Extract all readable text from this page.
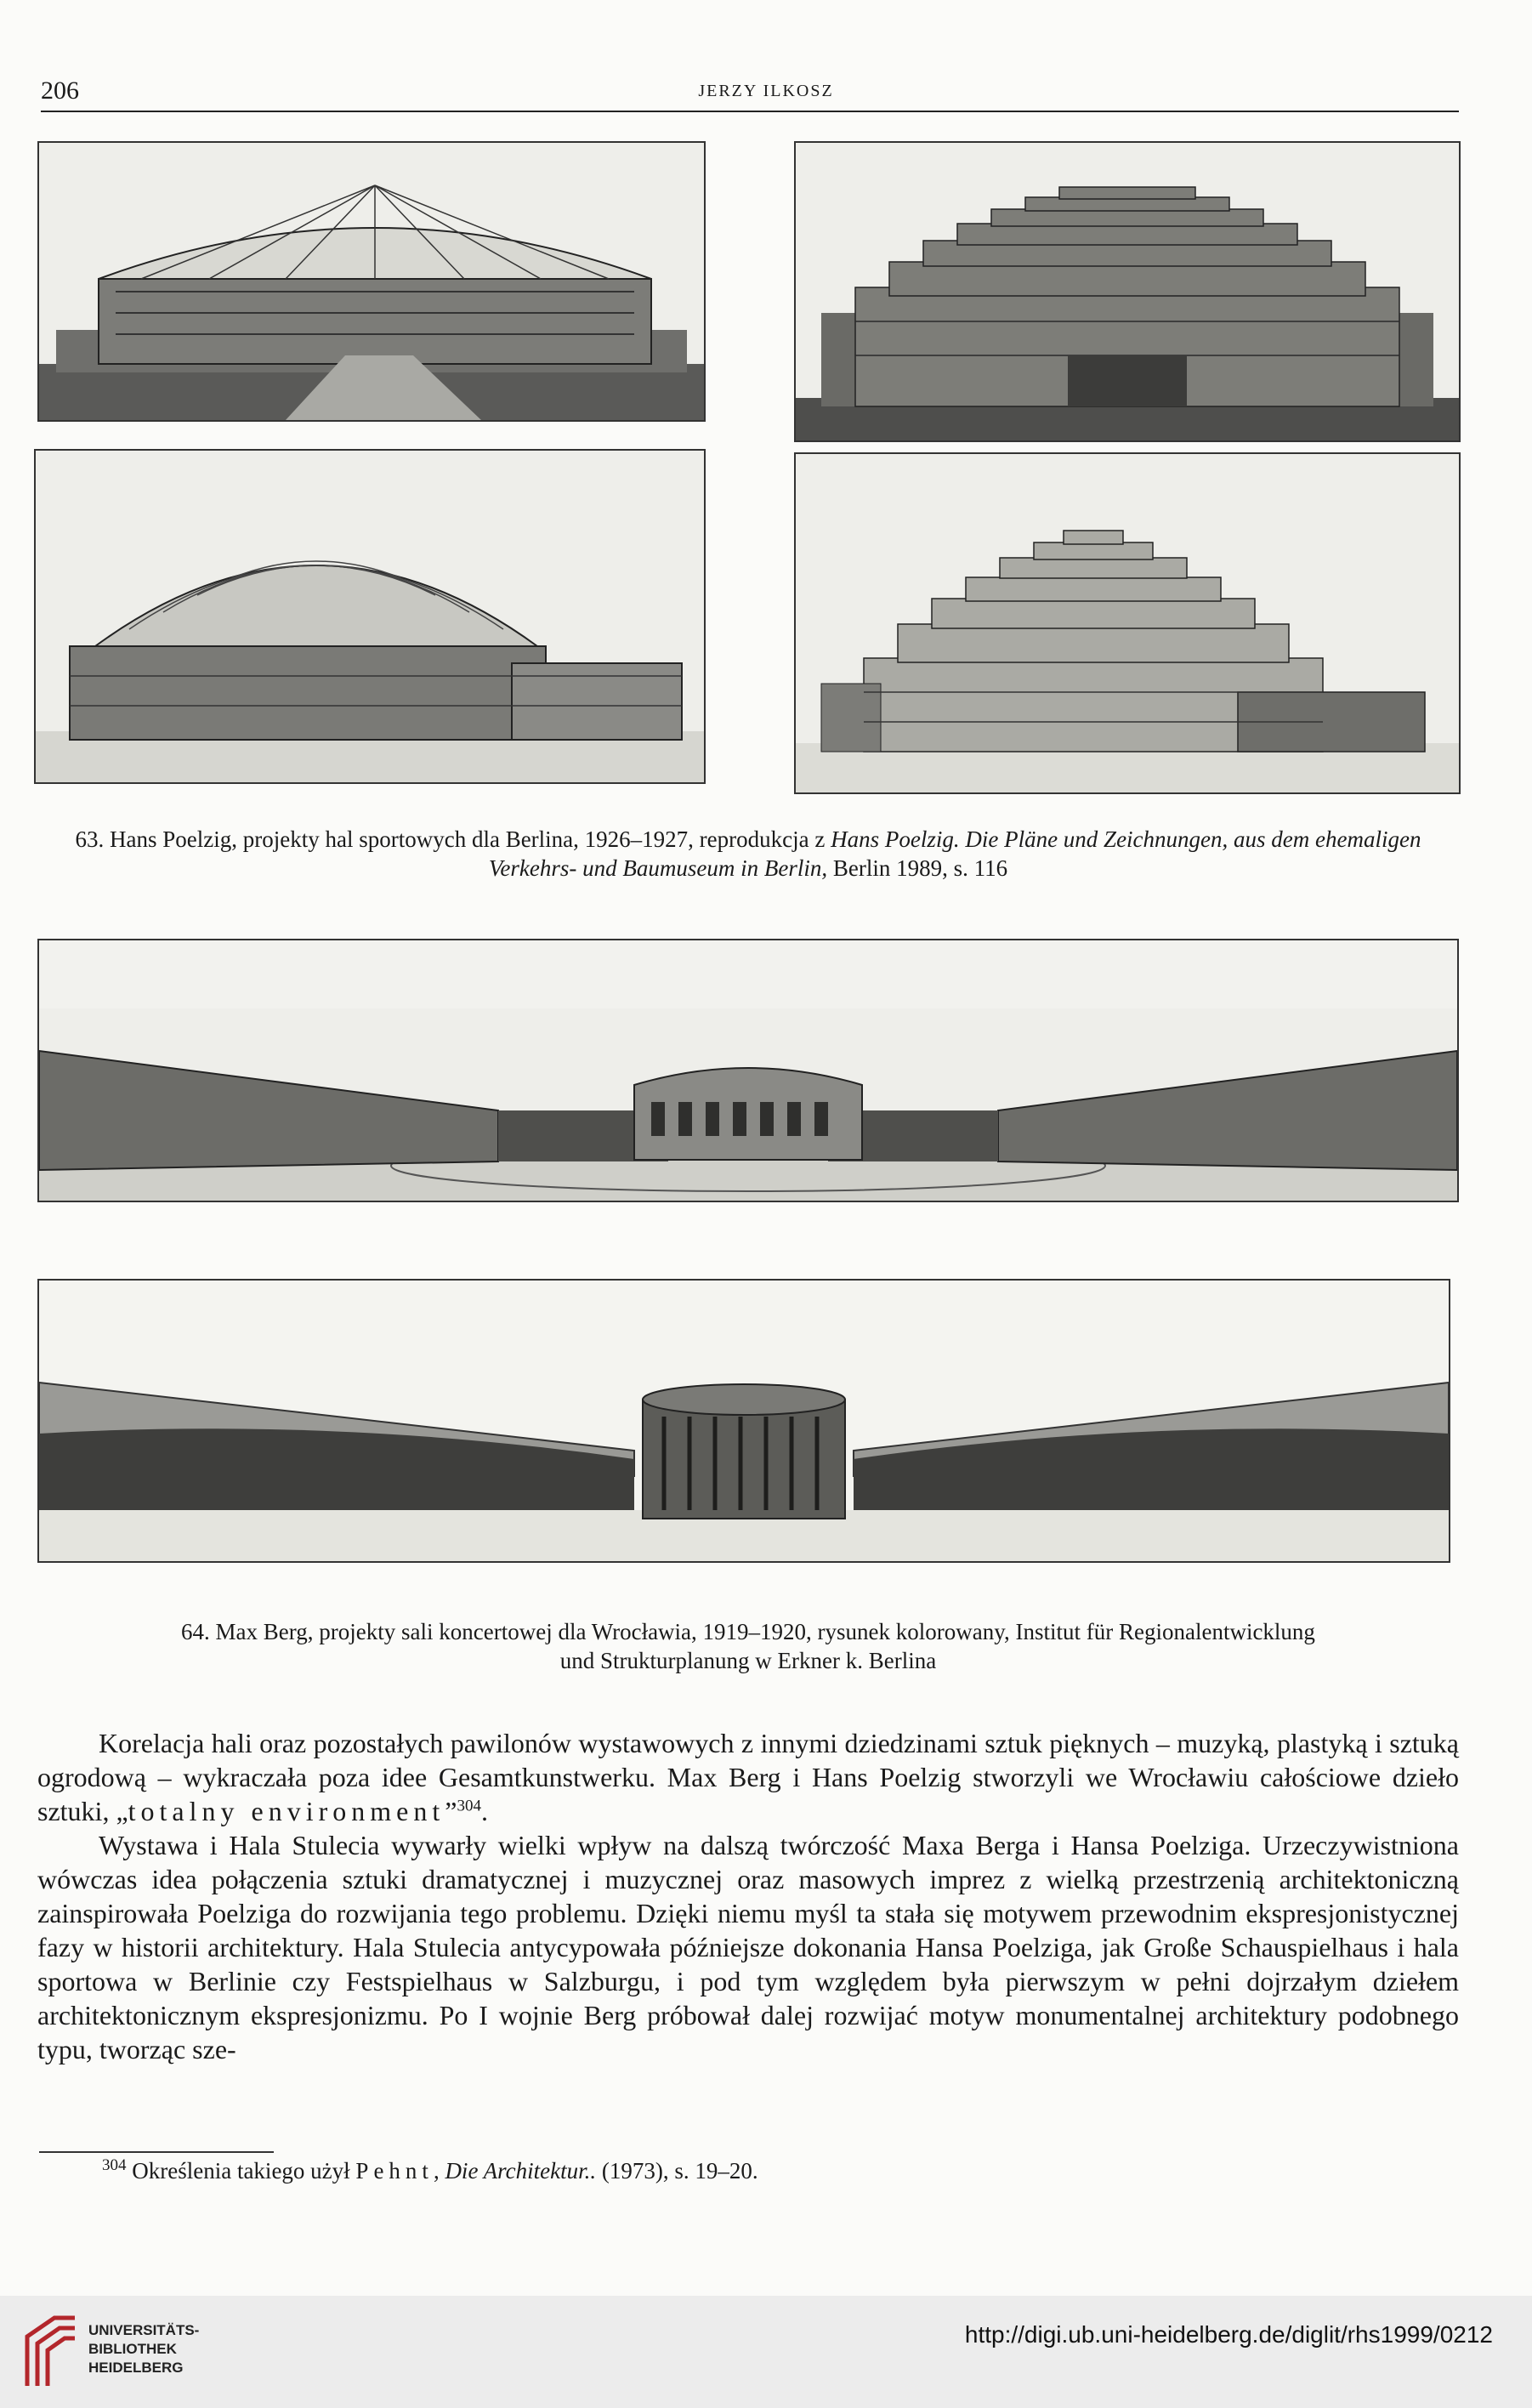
206	JERZY ILKOSZ
63. Hans Poelzig, projekty hal sportowych dla Berlina, 1926–1927, reprodukcja z Hans Poelzig. Die Pläne und Zeichnungen, aus dem ehemaligen Verkehrs- und Baumuseum in Berlin, Berlin 1989, s. 116
64. Max Berg, projekty sali koncertowej dla Wrocławia, 1919–1920, rysunek kolorowany, Institut für Regionalentwicklung
und Strukturplanung w Erkner k. Berlina

Korelacja hali oraz pozostałych pawilonów wystawowych z innymi dziedzinami sztuk pięknych – muzyką, plastyką i sztuką ogrodową – wykraczała poza idee Gesamtkunstwerku. Max Berg i Hans Poelzig stworzyli we Wrocławiu całościowe dzieło sztuki, „totalny environment”$^{304}$.

Wystawa i Hala Stulecia wywarły wielki wpływ na dalszą twórczość Maxa Berga i Hansa Poelziga. Urzeczywistniona wówczas idea połączenia sztuki dramatycznej i muzycznej oraz masowych imprez z wielką przestrzenią architektoniczną zainspirowała Poelziga do rozwijania tego problemu. Dzięki niemu myśl ta stała się motywem przewodnim ekspresjonistycznej fazy w historii architektury. Hala Stulecia antycypowała późniejsze dokonania Hansa Poelziga, jak Große Schauspielhaus i hala sportowa w Berlinie czy Festspielhaus w Salzburgu, i pod tym względem była pierwszym w pełni dojrzałym dziełem architektonicznym ekspresjonizmu. Po I wojnie Berg próbował dalej rozwijać motyw monumentalnej architektury podobnego typu, tworząc sze-

$^{304}$ Określenia takiego użył Pehnt, Die Architektur.. (1973), s. 19–20.
UNIVERSITÄTS-
BIBLIOTHEK
HEIDELBERG
http://digi.ub.uni-heidelberg.de/diglit/rhs1999/0212
